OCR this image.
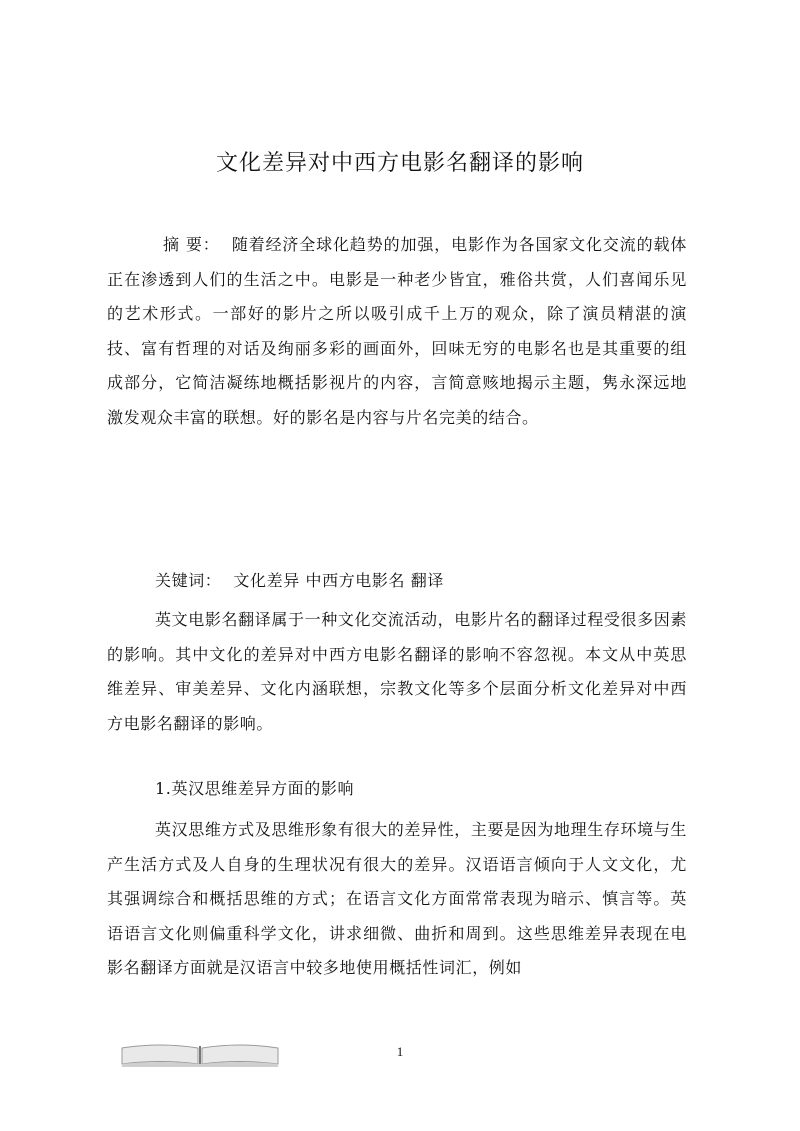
文化差异对中西方电影名翻译的影响

摘 要： 随着经济全球化趋势的加强，电影作为各国家文化交流的载体正在渗透到人们的生活之中。电影是一种老少皆宜，雅俗共赏，人们喜闻乐见的艺术形式。一部好的影片之所以吸引成千上万的观众，除了演员精湛的演技、富有哲理的对话及绚丽多彩的画面外，回味无穷的电影名也是其重要的组成部分，它简洁凝练地概括影视片的内容，言简意赅地揭示主题，隽永深远地激发观众丰富的联想。好的影名是内容与片名完美的结合。

关键词： 文化差异 中西方电影名 翻译

英文电影名翻译属于一种文化交流活动，电影片名的翻译过程受很多因素的影响。其中文化的差异对中西方电影名翻译的影响不容忽视。本文从中英思维差异、审美差异、文化内涵联想，宗教文化等多个层面分析文化差异对中西方电影名翻译的影响。

1.英汉思维差异方面的影响

英汉思维方式及思维形象有很大的差异性，主要是因为地理生存环境与生产生活方式及人自身的生理状况有很大的差异。汉语语言倾向于人文文化，尤其强调综合和概括思维的方式；在语言文化方面常常表现为暗示、慎言等。英语语言文化则偏重科学文化，讲求细微、曲折和周到。这些思维差异表现在电影名翻译方面就是汉语言中较多地使用概括性词汇，例如

1
